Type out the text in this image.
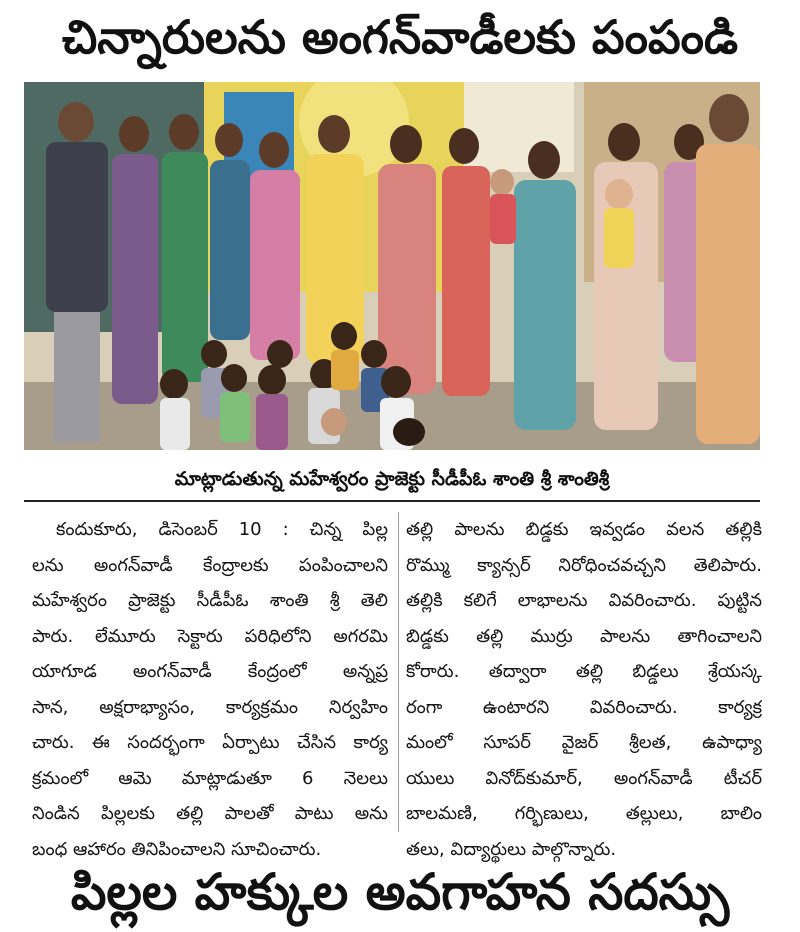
చిన్నారులను అంగన్‌వాడీలకు పంపండి
మాట్లాడుతున్న మహేశ్వరం ప్రాజెక్టు సీడీపీఓ శాంతి శ్రీ శాంతిశ్రీ
కందుకూరు, డిసెంబర్ 10 : చిన్న పిల్ల
లను అంగన్‌వాడీ కేంద్రాలకు పంపించాలని
మహేశ్వరం ప్రాజెక్టు సీడీపీఓ శాంతి శ్రీ తెలి
పారు. లేమూరు సెక్టారు పరిధిలోని అగరమి
యాగూడ అంగన్‌వాడీ కేంద్రంలో అన్నప్ర
సాన, అక్షరాభ్యాసం, కార్యక్రమం నిర్వహిం
చారు. ఈ సందర్భంగా ఏర్పాటు చేసిన కార్య
క్రమంలో ఆమె మాట్లాడుతూ 6 నెలలు
నిండిన పిల్లలకు తల్లి పాలతో పాటు అను
బంధ ఆహారం తినిపించాలని సూచించారు.
తల్లి పాలను బిడ్డకు ఇవ్వడం వలన తల్లికి
రొమ్ము క్యాన్సర్ నిరోధించవచ్చని తెలిపారు.
తల్లికి కలిగే లాభాలను వివరించారు. పుట్టిన
బిడ్డకు తల్లి ముర్రు పాలను తాగించాలని
కోరారు. తద్వారా తల్లి బిడ్డలు శ్రేయస్క
రంగా ఉంటారని వివరించారు. కార్యక్ర
మంలో సూపర్ వైజర్ శ్రీలత, ఉపాధ్యా
యులు వినోద్‌కుమార్, అంగన్‌వాడీ టీచర్
బాలమణి, గర్భిణులు, తల్లులు, బాలిం
తలు, విద్యార్థులు పాల్గొన్నారు.
పిల్లల హక్కుల అవగాహన సదస్సు
